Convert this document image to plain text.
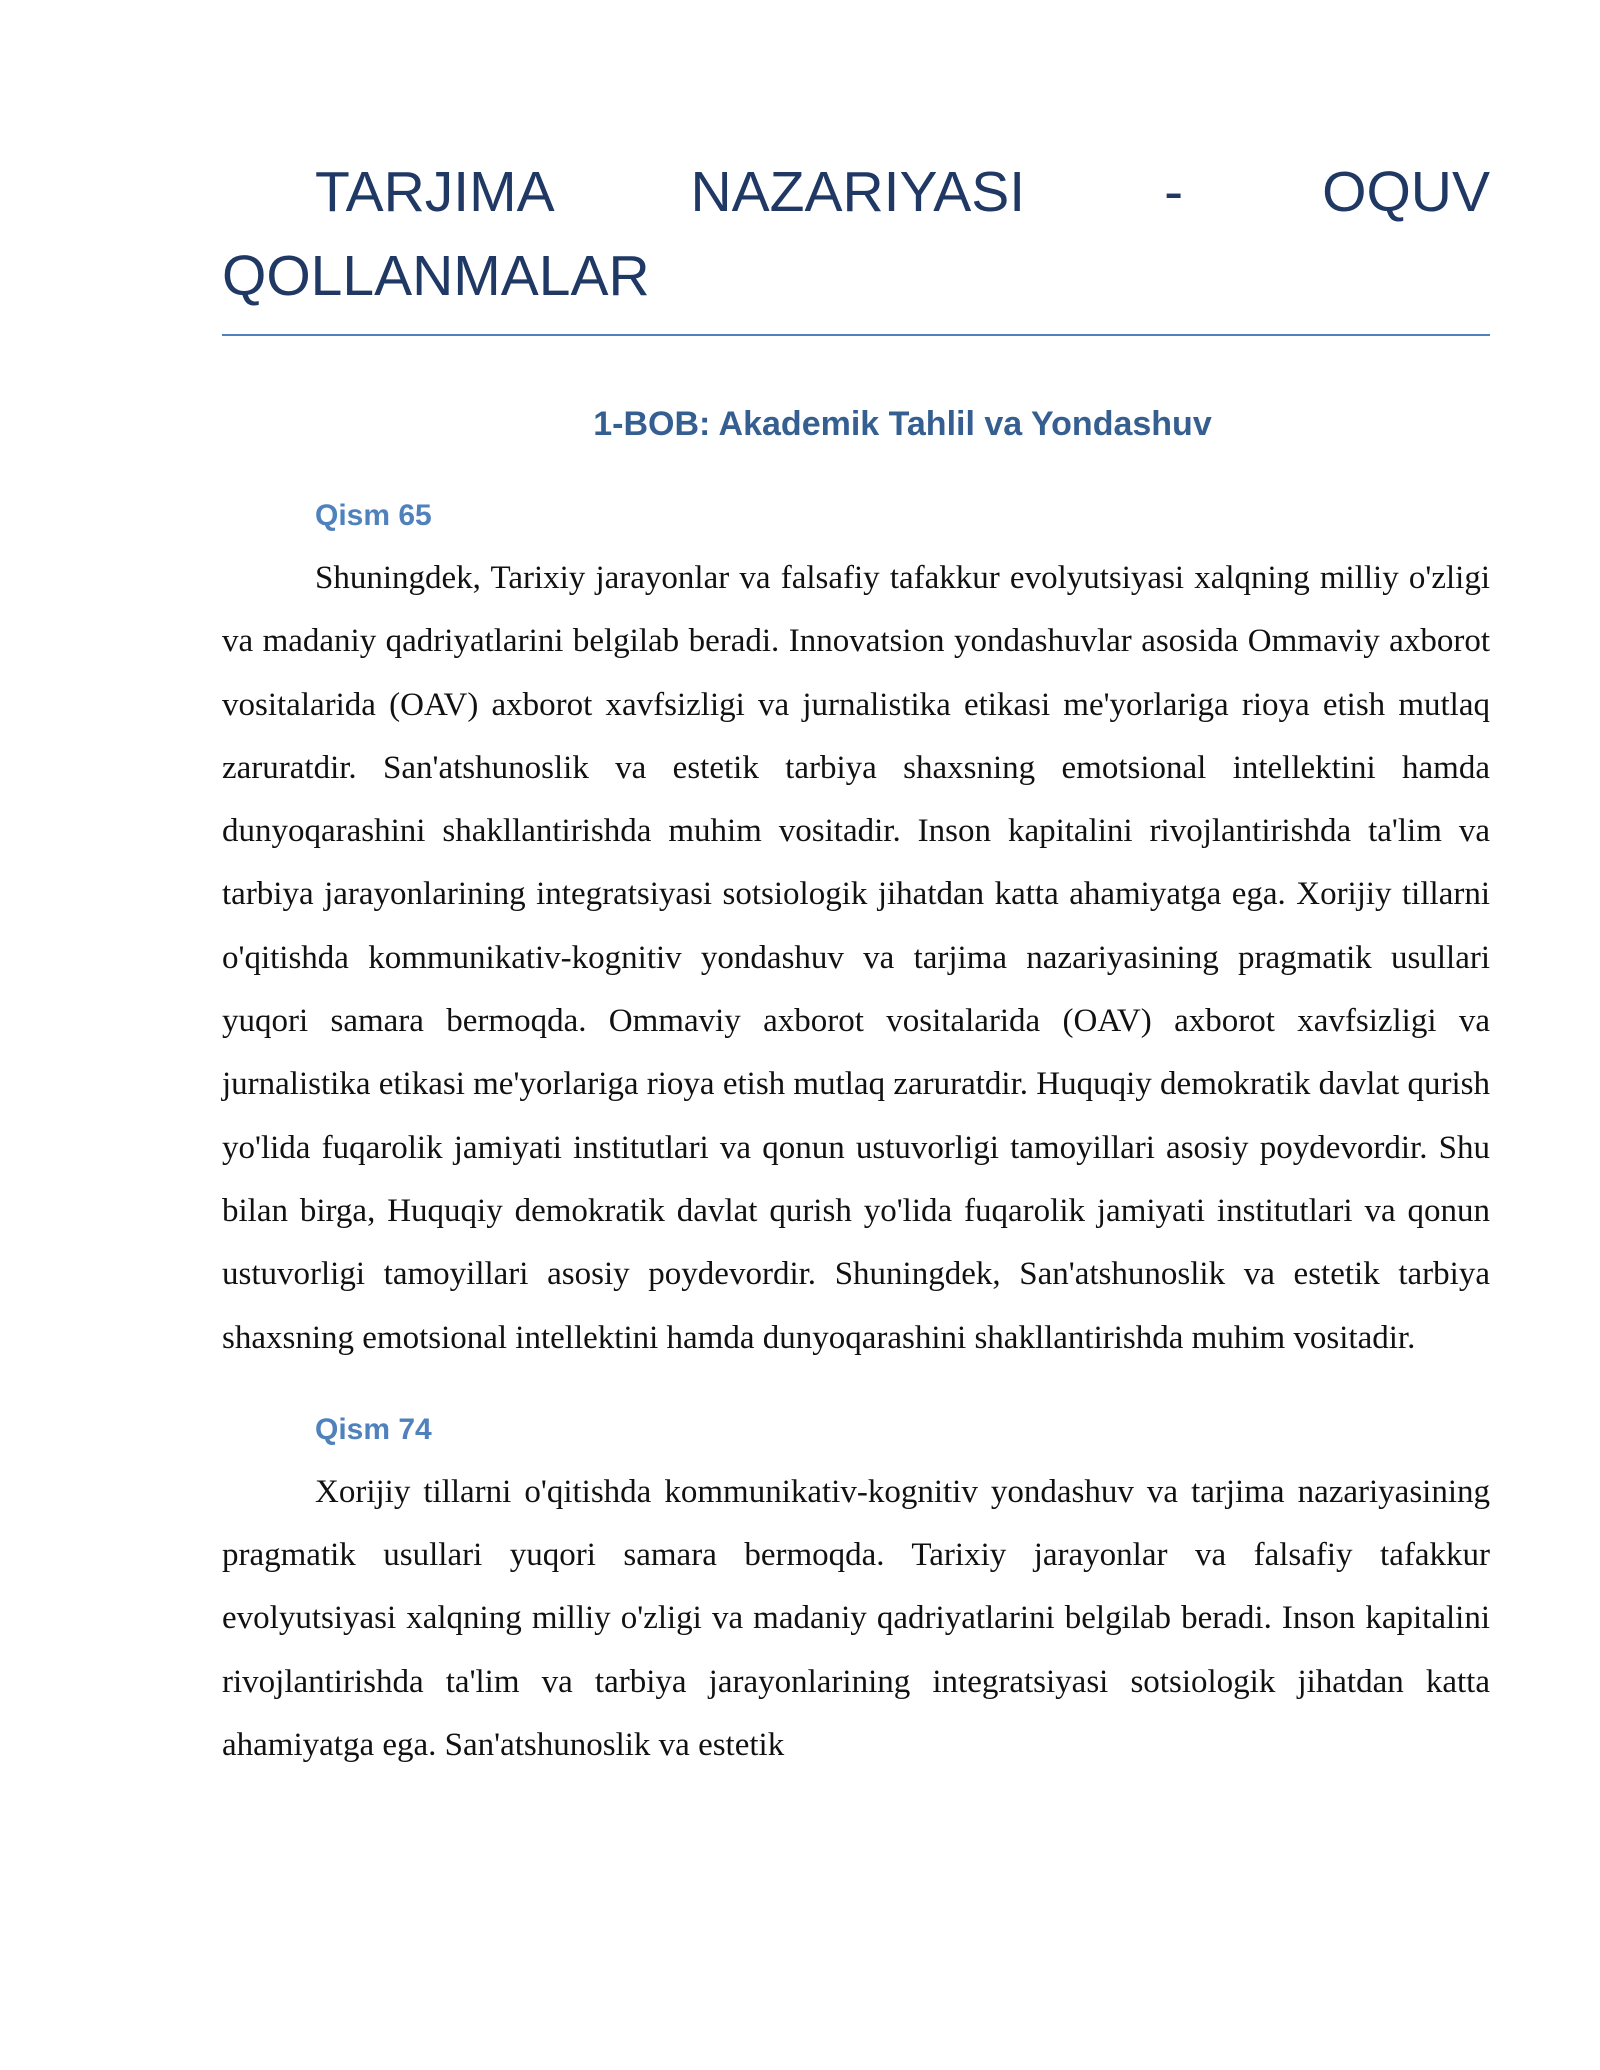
TARJIMA NAZARIYASI - OQUV QOLLANMALAR
1-BOB: Akademik Tahlil va Yondashuv
Qism 65

Shuningdek, Tarixiy jarayonlar va falsafiy tafakkur evolyutsiyasi xalqning milliy o'zligi va madaniy qadriyatlarini belgilab beradi. Innovatsion yondashuvlar asosida Ommaviy axborot vositalarida (OAV) axborot xavfsizligi va jurnalistika etikasi me'yorlariga rioya etish mutlaq zaruratdir. San'atshunoslik va estetik tarbiya shaxsning emotsional intellektini hamda dunyoqarashini shakllantirishda muhim vositadir. Inson kapitalini rivojlantirishda ta'lim va tarbiya jarayonlarining integratsiyasi sotsiologik jihatdan katta ahamiyatga ega. Xorijiy tillarni o'qitishda kommunikativ-kognitiv yondashuv va tarjima nazariyasining pragmatik usullari yuqori samara bermoqda. Ommaviy axborot vositalarida (OAV) axborot xavfsizligi va jurnalistika etikasi me'yorlariga rioya etish mutlaq zaruratdir. Huquqiy demokratik davlat qurish yo'lida fuqarolik jamiyati institutlari va qonun ustuvorligi tamoyillari asosiy poydevordir. Shu bilan birga, Huquqiy demokratik davlat qurish yo'lida fuqarolik jamiyati institutlari va qonun ustuvorligi tamoyillari asosiy poydevordir. Shuningdek, San'atshunoslik va estetik tarbiya shaxsning emotsional intellektini hamda dunyoqarashini shakllantirishda muhim vositadir.

Qism 74

Xorijiy tillarni o'qitishda kommunikativ-kognitiv yondashuv va tarjima nazariyasining pragmatik usullari yuqori samara bermoqda. Tarixiy jarayonlar va falsafiy tafakkur evolyutsiyasi xalqning milliy o'zligi va madaniy qadriyatlarini belgilab beradi. Inson kapitalini rivojlantirishda ta'lim va tarbiya jarayonlarining integratsiyasi sotsiologik jihatdan katta ahamiyatga ega. San'atshunoslik va estetik
